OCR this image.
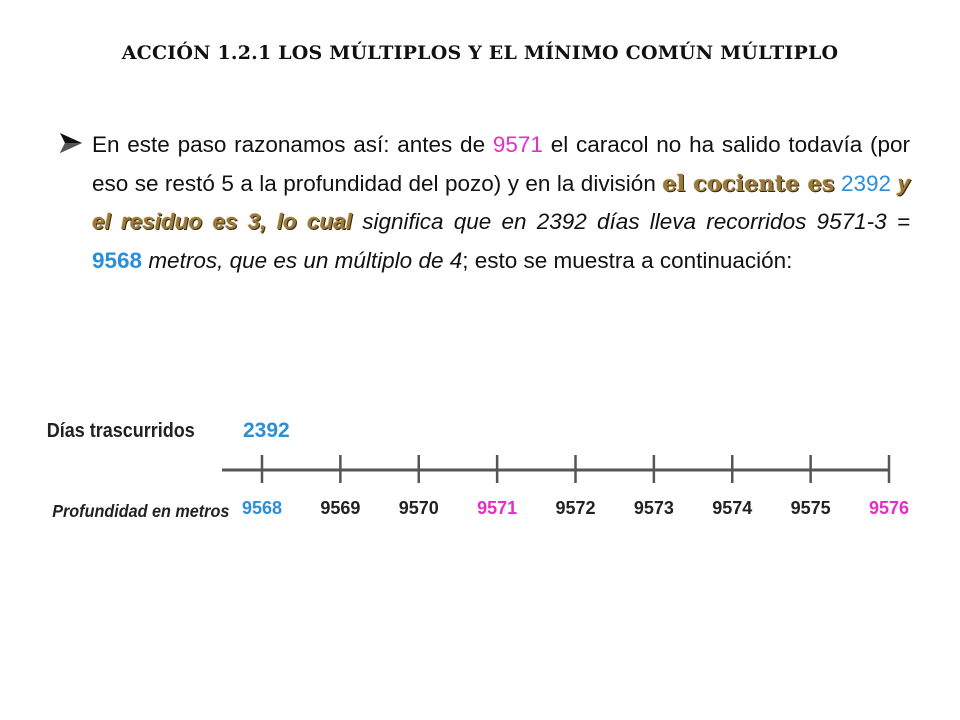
ACCIÓN 1.2.1 LOS MÚLTIPLOS Y EL MÍNIMO COMÚN MÚLTIPLO
En este paso razonamos así: antes de 9571 el caracol no ha salido todavía (por eso se restó 5 a la profundidad del pozo) y en la división el cociente es 2392 y el residuo es 3, lo cual significa que en 2392 días lleva recorridos 9571-3 = 9568 metros, que es un múltiplo de 4; esto se muestra a continuación:
Días trascurridos 2392
Profundidad en metros 9568 9569 9570 9571 9572 9573 9574 9575 9576
